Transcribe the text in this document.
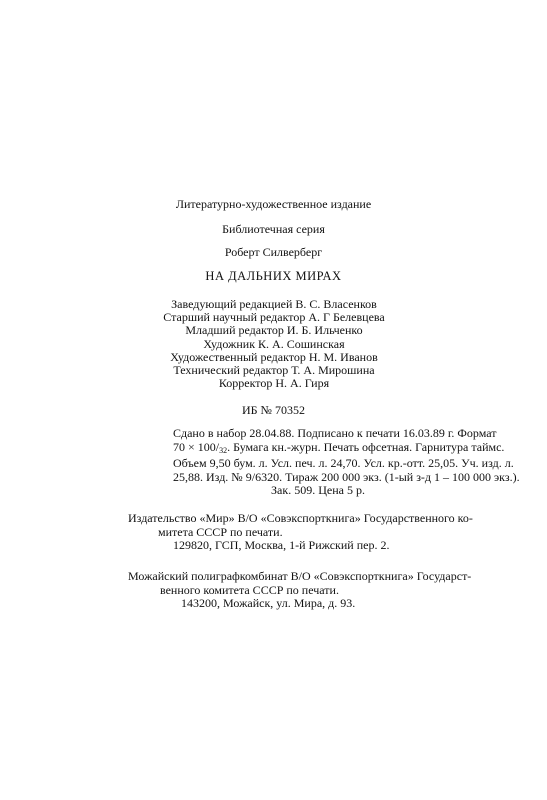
Литературно-художественное издание
Библиотечная серия
Роберт Силверберг
НА ДАЛЬНИХ МИРАХ
Заведующий редакцией В. С. Власенков
Старший научный редактор А. Г Белевцева
Младший редактор И. Б. Ильченко
Художник К. А. Сошинская
Художественный редактор Н. М. Иванов
Технический редактор Т. А. Мирошина
Корректор Н. А. Гиря
ИБ № 70352
Сдано в набор 28.04.88. Подписано к печати 16.03.89 г. Формат
$70 \times 100/_{32}$. Бумага кн.-журн. Печать офсетная. Гарнитура таймс.
Объем 9,50 бум. л. Усл. печ. л. 24,70. Усл. кр.-отт. 25,05. Уч. изд. л.
25,88. Изд. № 9/6320. Тираж 200 000 экз. (1-ый з-д 1 – 100 000 экз.).
Зак. 509. Цена 5 р.
Издательство «Мир» В/О «Совэкспорткнига» Государственного ко-
митета СССР по печати.
129820, ГСП, Москва, 1-й Рижский пер. 2.
Можайский полиграфкомбинат В/О «Совэкспорткнига» Государст-
венного комитета СССР по печати.
143200, Можайск, ул. Мира, д. 93.
